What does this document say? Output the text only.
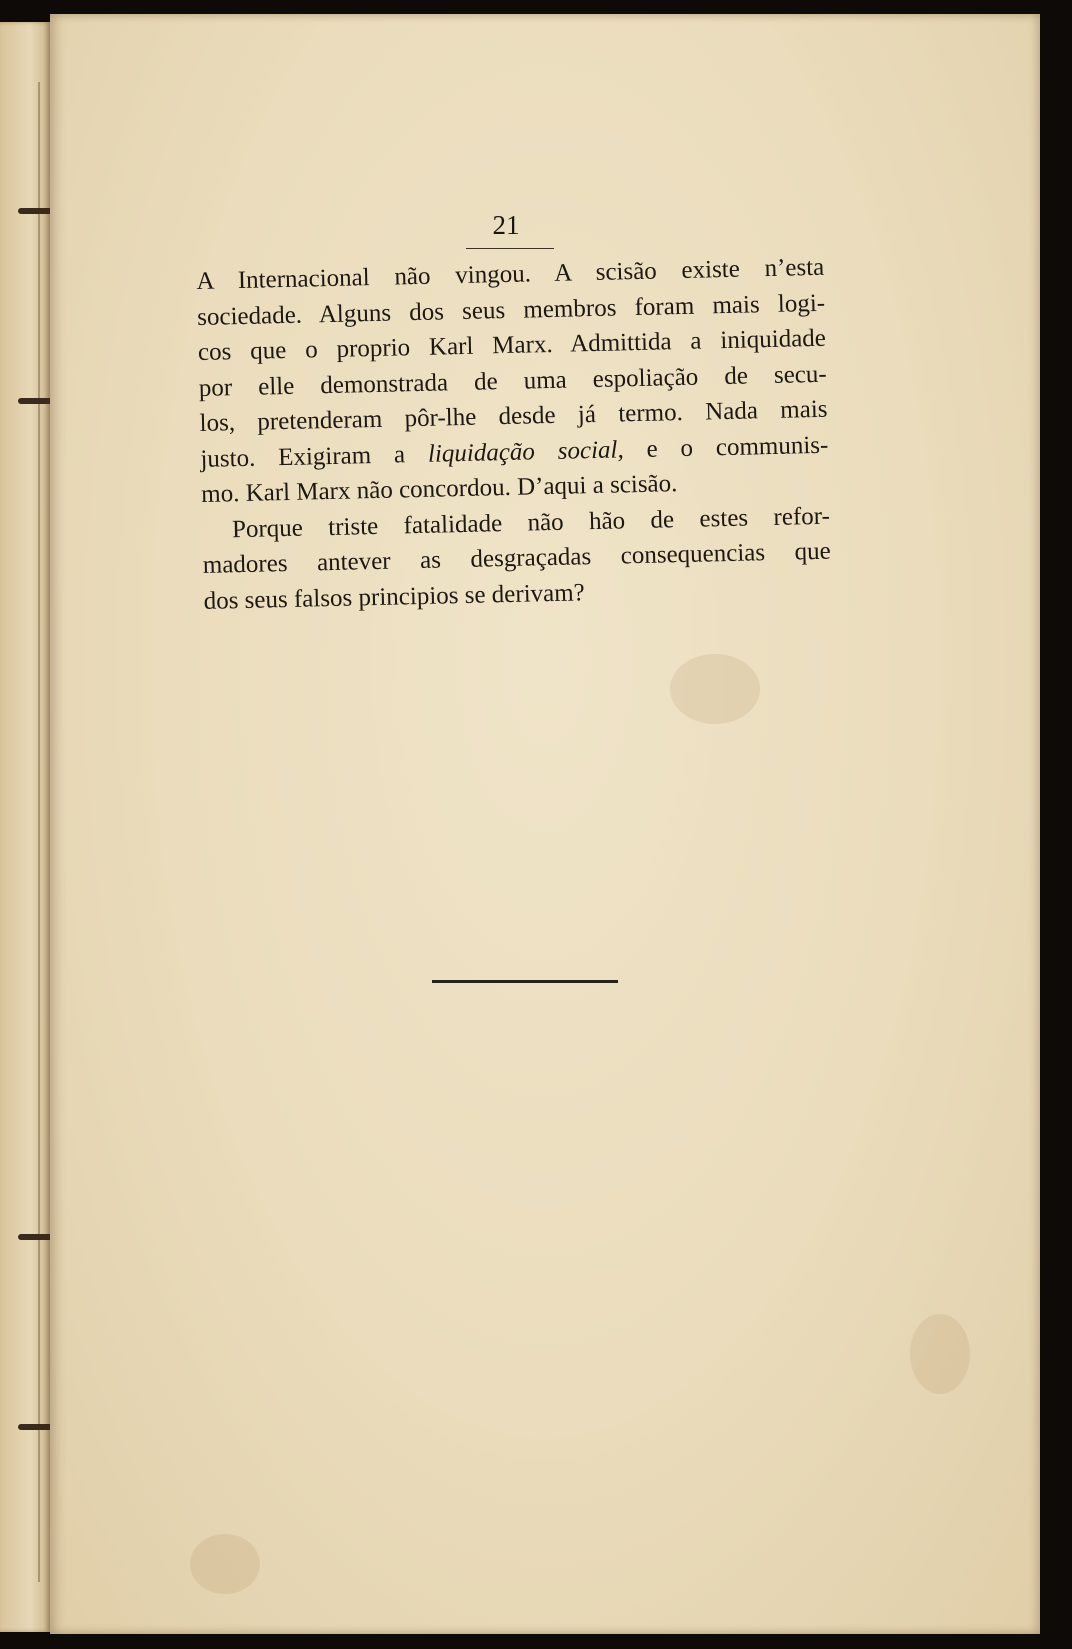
21
A Internacional não vingou. A scisão existe n’esta
sociedade. Alguns dos seus membros foram mais logi-
cos que o proprio Karl Marx. Admittida a iniquidade
por elle demonstrada de uma espoliação de secu-
los, pretenderam pôr-lhe desde já termo. Nada mais
justo. Exigiram a liquidação social, e o communis-
mo. Karl Marx não concordou. D’aqui a scisão.
Porque triste fatalidade não hão de estes refor-
madores antever as desgraçadas consequencias que
dos seus falsos principios se derivam?
